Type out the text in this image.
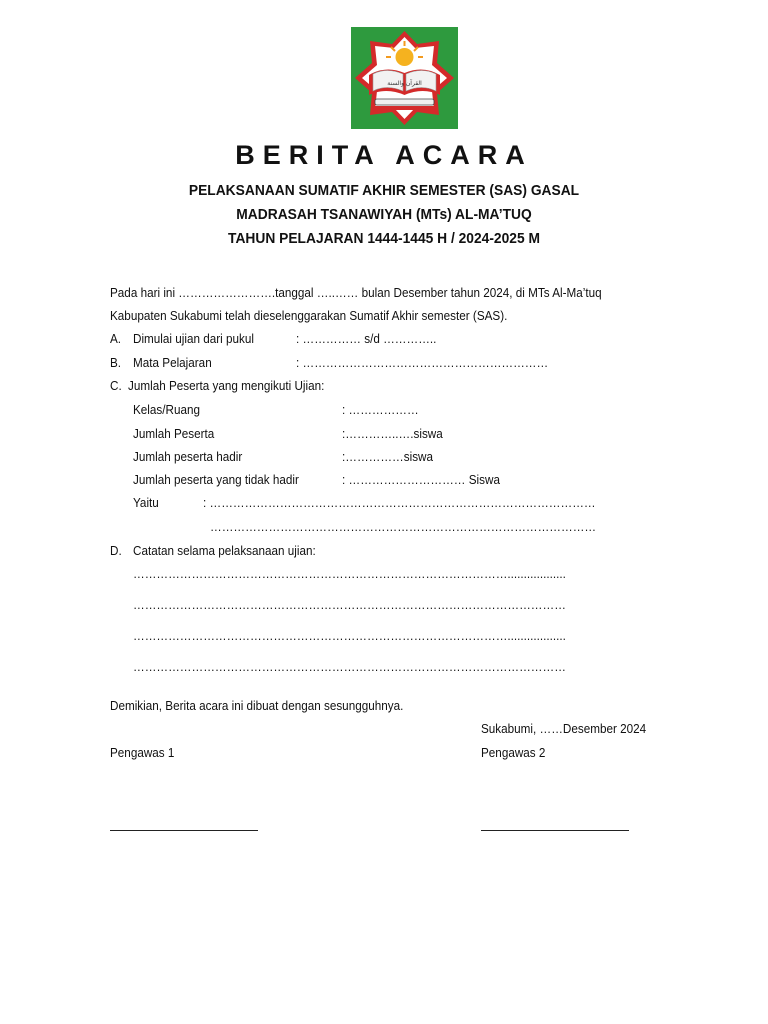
القرآن والسنة
BERITA ACARA
PELAKSANAAN SUMATIF AKHIR SEMESTER (SAS) GASAL
MADRASAH TSANAWIYAH (MTs) AL-MA’TUQ
TAHUN PELAJARAN 1444-1445 H / 2024-2025 M
Pada hari ini …………………….tanggal …..…… bulan Desember tahun 2024, di MTs Al-Ma’tuq
Kabupaten Sukabumi telah dieselenggarakan Sumatif Akhir semester (SAS).
A. Dimulai ujian dari pukul	: …………… s/d …………..
B. Mata Pelajaran	: ………………………………………………………
C. Jumlah Peserta yang mengikuti Ujian:
Kelas/Ruang	: ………………
Jumlah Peserta	:…………..….siswa
Jumlah peserta hadir	:……………siswa
Jumlah peserta yang tidak hadir	: ………………………… Siswa
Yaitu	: ………………………………………………………………………………………
………………………………………………………………………………………
D. Catatan selama pelaksanaan ujian:
……………………………………………………………………………………..................
…………………………………………………………………………………………………
……………………………………………………………………………………..................
…………………………………………………………………………………………………
Demikian, Berita acara ini dibuat dengan sesungguhnya.
Sukabumi, ……Desember 2024
Pengawas 1	Pengawas 2
